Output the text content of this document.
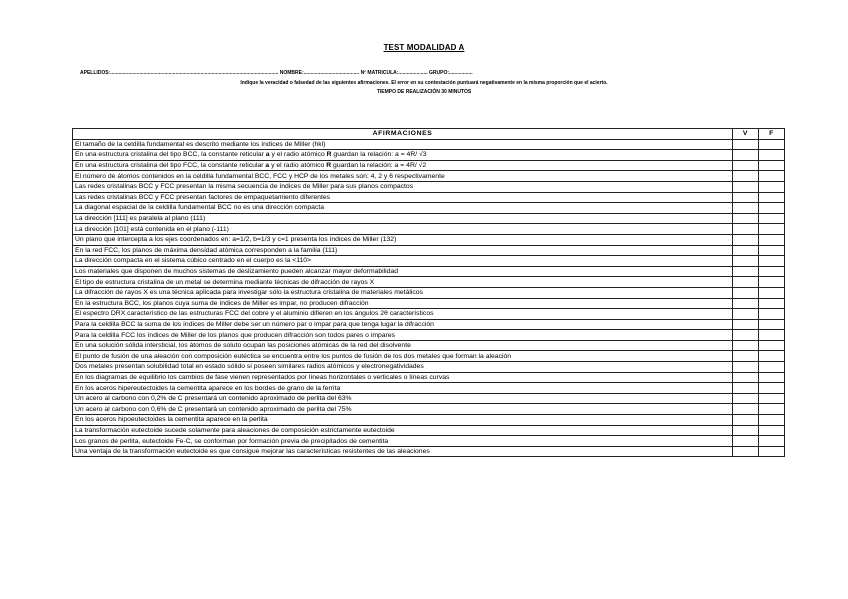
TEST MODALIDAD A
APELLIDOS:......................................................................................................................... NOMBRE:........................................ Nº MATRICULA:..................... GRUPO:.................
Indique la veracidad o falsedad de las siguientes afirmaciones. El error en su contestación puntuará negativamente en la misma proporción que el acierto.
TIEMPO DE REALIZACIÓN 30 MINUTOS
AFIRMACIONES	V	F
El tamaño de la celdilla fundamental es descrito mediante los índices de Miller (hkl)		
En una estructura cristalina del tipo BCC, la constante reticular a y el radio atómico R guardan la relación: a = 4R/ √3		
En una estructura cristalina del tipo FCC, la constante reticular a y el radio atómico R guardan la relación: a = 4R/ √2		
El número de átomos contenidos en la celdilla fundamental BCC, FCC y HCP de los metales son: 4, 2 y 6 respectivamente		
Las redes cristalinas BCC y FCC presentan la misma secuencia de índices de Miller para sus planos compactos		
Las redes cristalinas BCC y FCC presentan factores de empaquetamiento diferentes		
La diagonal espacial de la celdilla fundamental BCC no es una dirección compacta		
La dirección [111] es paralela al plano (111)		
La dirección [101] está contenida en el plano (-111)		
Un plano que intercepta a los ejes coordenados en: a=1/2, b=1/3 y c=1 presenta los índices de Miller (132)		
En la red FCC, los planos de máxima densidad atómica corresponden a la familia {111}		
La dirección compacta en el sistema cúbico centrado en el cuerpo es la <110>		
Los materiales que disponen de muchos sistemas de deslizamiento pueden alcanzar mayor deformabilidad		
El tipo de estructura cristalina de un metal se determina mediante técnicas de difracción de rayos X		
La difracción de rayos X es una técnica aplicada para investigar sólo la estructura cristalina de materiales metálicos		
En la estructura BCC, los planos cuya suma de índices de Miller es impar, no producen difracción		
El espectro DRX característico de las estructuras FCC del cobre y el aluminio difieren en los ángulos 2θ característicos		
Para la celdilla BCC la suma de los índices de Miller debe ser un número par o impar para que tenga lugar la difracción		
Para la celdilla FCC los índices de Miller de los planos que producen difracción son todos pares o impares		
En una solución sólida intersticial, los átomos de soluto ocupan las posiciones atómicas de la red del disolvente		
El punto de fusión de una aleación con composición eutéctica se encuentra entre los puntos de fusión de los dos metales que forman la aleación		
Dos metales presentan solubilidad total en estado sólido si poseen similares radios atómicos y electronegatividades		
En los diagramas de equilibrio los cambios de fase vienen representados por líneas horizontales o verticales o líneas curvas		
En los aceros hipereutectoides la cementita aparece en los bordes de grano de la ferrita		
Un acero al carbono con 0,2% de C presentará un contenido aproximado de perlita del 63%		
Un acero al carbono con 0,6% de C presentará un contenido aproximado de perlita del 75%		
En los aceros hipoeutectoides la cementita aparece en la perlita		
La transformación eutectoide sucede solamente para aleaciones de composición estrictamente eutectoide		
Los granos de perlita, eutectoide Fe-C, se conforman por formación previa de precipitados de cementita		
Una ventaja de la transformación eutectoide es que consigue mejorar las características resistentes de las aleaciones		
